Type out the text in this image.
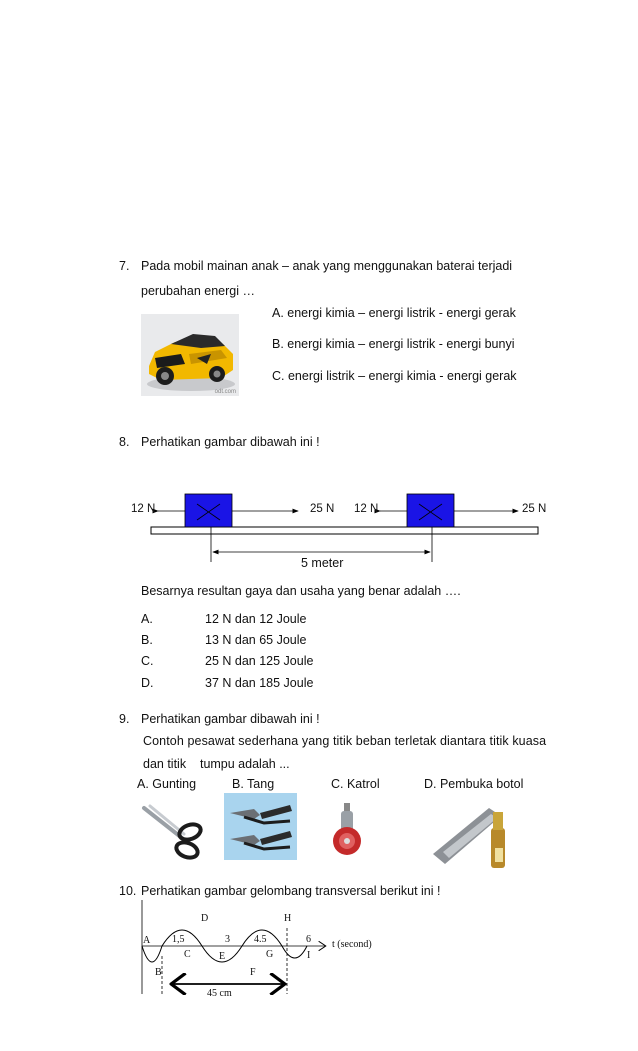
7. Pada mobil mainan anak – anak yang menggunakan baterai terjadi
perubahan energi …
odt.com
A. energi kimia – energi listrik - energi gerak
B. energi kimia – energi listrik - energi bunyi
C. energi listrik – energi kimia - energi gerak
8. Perhatikan gambar dibawah ini !
12 N	25 N 12 N	25 N
5 meter
Besarnya resultan gaya dan usaha yang benar adalah ….
A.	12 N dan 12 Joule
B.	13 N dan 65 Joule
C.	25 N dan 125 Joule
D.	37 N dan 185 Joule
9. Perhatikan gambar dibawah ini !
Contoh pesawat sederhana yang titik beban terletak diantara titik kuasa
dan titik    tumpu adalah ...
A. Gunting	B. Tang	C. Katrol	D. Pembuka botol
10. Perhatikan gambar gelombang transversal berikut ini !
D	H
A 1,5	3 4.5	6 t (second)
C	E	G	I
B	F
45 cm
